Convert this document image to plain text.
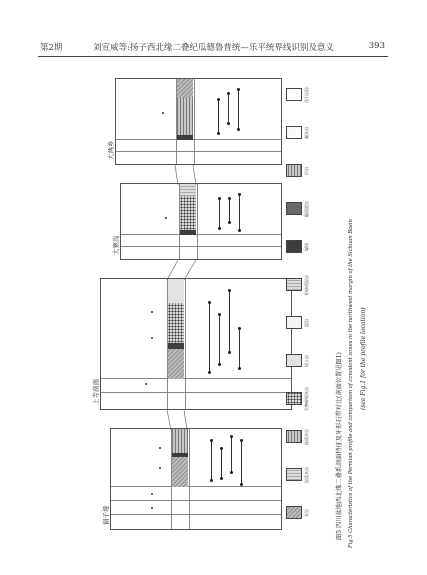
第2期	刘宣威等:扬子西北缘二叠纪瓜德鲁普统—乐平统界线识别及意义	393
窗子垭
上寺剖面
大寨沟
大两乡
灰岩
泥质灰岩
硅质灰岩
生物碎屑灰岩
铝土岩
泥岩
粉砂质泥岩
煤线
碳质泥岩
页岩
凝灰岩
化石层位
图5 四川盆地西北缘二叠系剖面特征及牙形石带对比(剖面位置见图1) Fig.5 Characteristics of the Permian profile and comparison of conodont zones in the northwest margin of the Sichuan Basin (see Fig.1 for the profile location)
